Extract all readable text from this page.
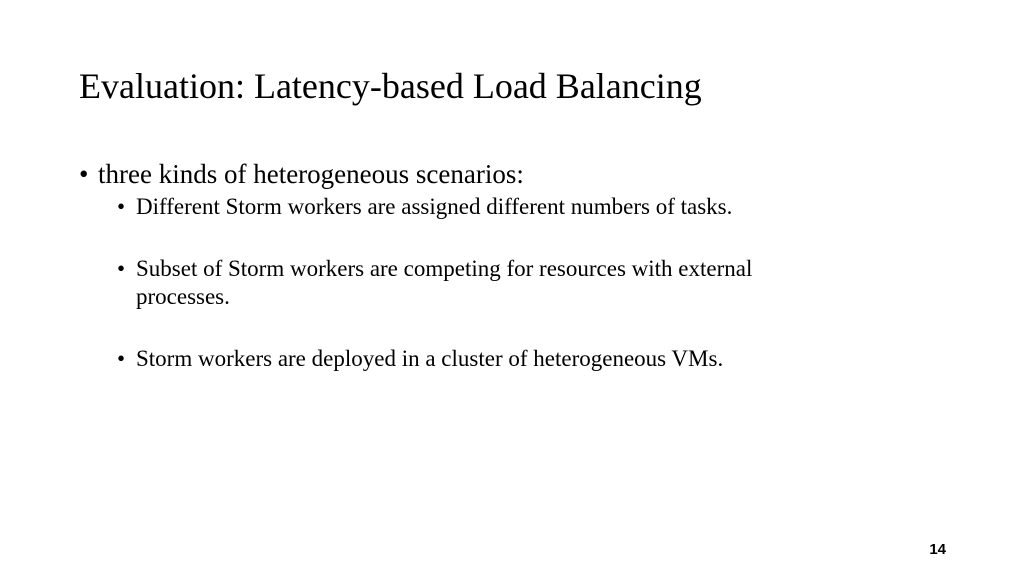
Evaluation: Latency-based Load Balancing
• three kinds of heterogeneous scenarios:
• Different Storm workers are assigned different numbers of tasks.
• Subset of Storm workers are competing for resources with external processes.
• Storm workers are deployed in a cluster of heterogeneous VMs.
14
